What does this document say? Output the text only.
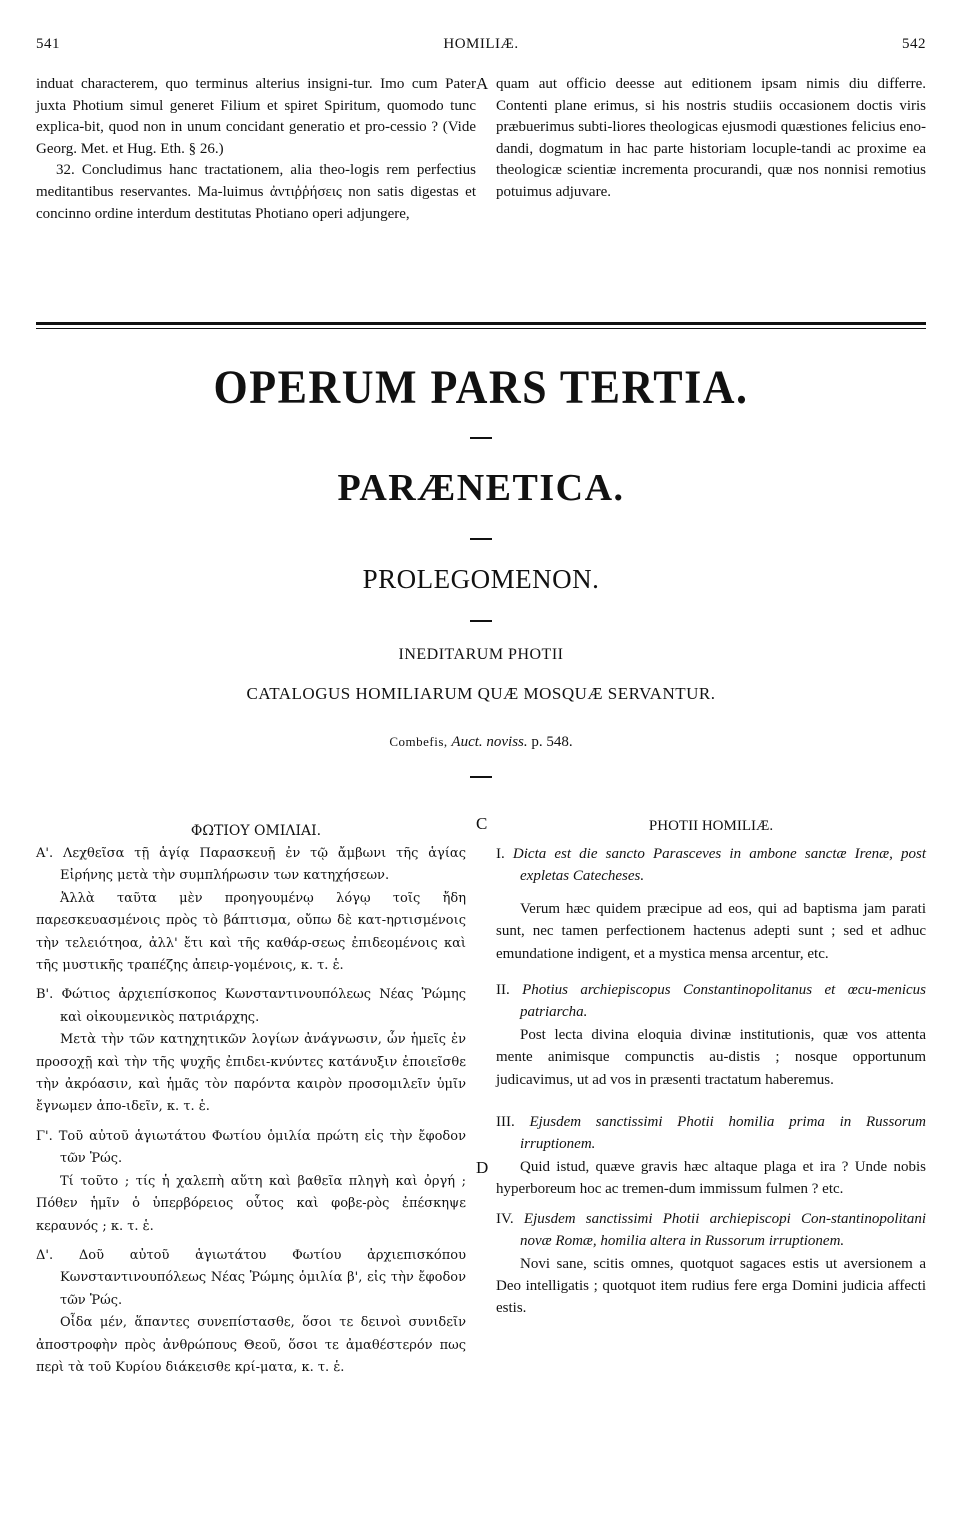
541	HOMILIÆ.	542

induat characterem, quo terminus alterius insigni-tur. Imo cum Pater juxta Photium simul generet Filium et spiret Spiritum, quomodo tunc explica-bit, quod non in unum concidant generatio et pro-cessio ? (Vide Georg. Met. et Hug. Eth. § 26.)

32. Concludimus hanc tractationem, alia theo-logis rem perfectius meditantibus reservantes. Ma-luimus ἀντιῤῥήσεις non satis digestas et concinno ordine interdum destitutas Photiano operi adjungere,

A quam aut officio deesse aut editionem ipsam nimis diu differre. Contenti plane erimus, si his nostris studiis occasionem doctis viris præbuerimus subti-liores theologicas ejusmodi quæstiones felicius eno-dandi, dogmatum in hac parte historiam locuple-tandi ac proxime ea theologicæ scientiæ incrementa procurandi, quæ nos nonnisi remotius potuimus adjuvare.

OPERUM PARS TERTIA.
PARÆNETICA.
PROLEGOMENON.
INEDITARUM PHOTII
CATALOGUS HOMILIARUM QUÆ MOSQUÆ SERVANTUR.
Combefis, Auct. noviss. p. 548.
ΦΩΤΙΟΥ ΟΜΙΛΙΑΙ.	C	PHOTII HOMILIÆ.
Α'. Λεχθεῖσα τῇ ἁγίᾳ Παρασκευῇ ἐν τῷ ἄμβωνι τῆς ἁγίας Εἰρήνης μετὰ τὴν συμπλήρωσιν των κατηχήσεων.
Ἀλλὰ ταῦτα μὲν προηγουμένῳ λόγῳ τοῖς ἤδη παρεσκευασμένοις πρὸς τὸ βάπτισμα, οὔπω δὲ κατ-ηρτισμένοις τὴν τελειότηοα, ἀλλ' ἔτι καὶ τῆς καθάρ-σεως ἐπιδεομένοις καὶ τῆς μυστικῆς τραπέζης ἀπειρ-γομένοις, κ. τ. ἑ.
Β'. Φώτιος ἀρχιεπίσκοπος Κωνσταντινουπόλεως Νέας Ῥώμης καὶ οἰκουμενικὸς πατριάρχης.
Μετὰ τὴν τῶν κατηχητικῶν λογίων ἀνάγνωσιν, ὧν ἡμεῖς ἐν προσοχῇ καὶ τὴν τῆς ψυχῆς ἐπιδει-κνύντες κατάνυξιν ἐποιεῖσθε τὴν ἀκρόασιν, καὶ ἡμᾶς τὸν παρόντα καιρὸν προσομιλεῖν ὑμῖν ἔγνωμεν ἀπο-ιδεῖν, κ. τ. ἑ.
Γ'. Τοῦ αὐτοῦ ἁγιωτάτου Φωτίου ὁμιλία πρώτη εἰς τὴν ἔφοδον τῶν Ῥώς.
Τί τοῦτο ; τίς ἡ χαλεπὴ αὕτη καὶ βαθεῖα πληγὴ καὶ ὀργή ; Πόθεν ἡμῖν ὁ ὑπερβόρειος οὗτος καὶ φοβε-ρὸς ἐπέσκηψε κεραυνός ; κ. τ. ἑ.
Δ'. Δοῦ αὐτοῦ ἁγιωτάτου Φωτίου ἀρχιεπισκόπου Κωνσταντινουπόλεως Νέας Ῥώμης ὁμιλία β', εἰς τὴν ἔφοδον τῶν Ῥώς.
Οἶδα μέν, ἅπαντες συνεπίστασθε, ὅσοι τε δεινοὶ συνιδεῖν ἀποστροφὴν πρὸς ἀνθρώπους Θεοῦ, ὅσοι τε ἀμαθέστερόν πως περὶ τὰ τοῦ Κυρίου διάκεισθε κρί-ματα, κ. τ. ἑ.
D
I. Dicta est die sancto Parasceves in ambone sanctæ Irenæ, post expletas Catecheses.
Verum hæc quidem præcipue ad eos, qui ad baptisma jam parati sunt, nec tamen perfectionem hactenus adepti sunt ; sed et adhuc emundatione indigent, et a mystica mensa arcentur, etc.
II. Photius archiepiscopus Constantinopolitanus et œcu-menicus patriarcha.
Post lecta divina eloquia divinæ institutionis, quæ vos attenta mente animisque compunctis au-distis ; nosque opportunum judicavimus, ut ad vos in præsenti tractatum haberemus.
III. Ejusdem sanctissimi Photii homilia prima in Russorum irruptionem.
Quid istud, quæve gravis hæc altaque plaga et ira ? Unde nobis hyperboreum hoc ac tremen-dum immissum fulmen ? etc.
IV. Ejusdem sanctissimi Photii archiepiscopi Con-stantinopolitani novæ Romæ, homilia altera in Russorum irruptionem.
Novi sane, scitis omnes, quotquot sagaces estis ut aversionem a Deo intelligatis ; quotquot item rudius fere erga Domini judicia affecti estis.
